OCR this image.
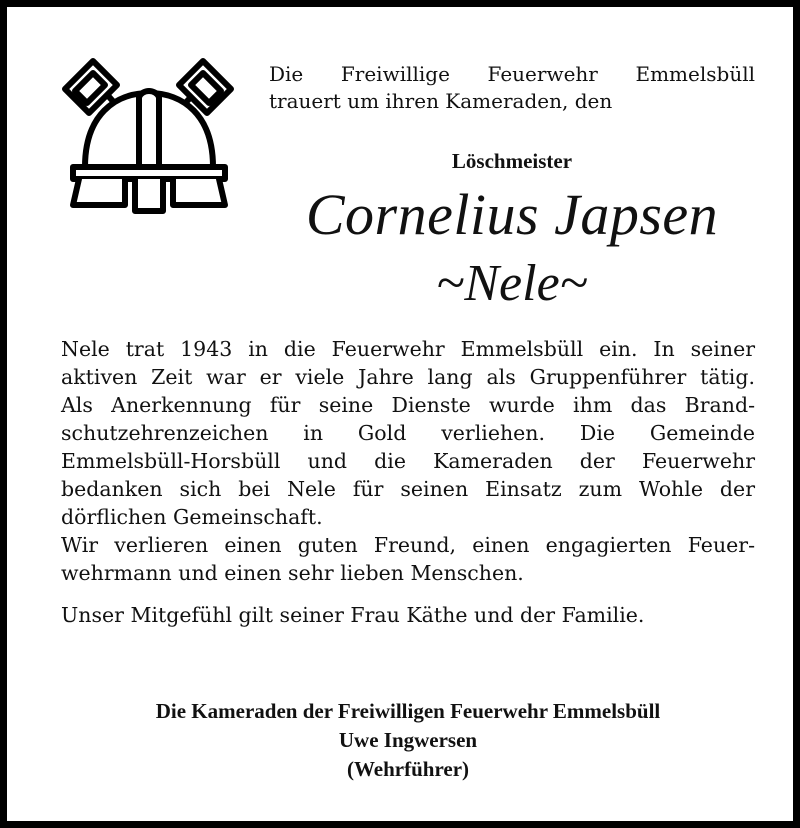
Die Freiwillige Feuerwehr Emmelsbüll
trauert um ihren Kameraden, den
Löschmeister
Cornelius Japsen
~Nele~
Nele trat 1943 in die Feuerwehr Emmelsbüll ein. In seiner
aktiven Zeit war er viele Jahre lang als Gruppenführer tätig.
Als Anerkennung für seine Dienste wurde ihm das Brand-
schutzehrenzeichen in Gold verliehen. Die Gemeinde
Emmelsbüll-Horsbüll und die Kameraden der Feuerwehr
bedanken sich bei Nele für seinen Einsatz zum Wohle der
dörflichen Gemeinschaft.
Wir verlieren einen guten Freund, einen engagierten Feuer-
wehrmann und einen sehr lieben Menschen.
Unser Mitgefühl gilt seiner Frau Käthe und der Familie.
Die Kameraden der Freiwilligen Feuerwehr Emmelsbüll
Uwe Ingwersen
(Wehrführer)
